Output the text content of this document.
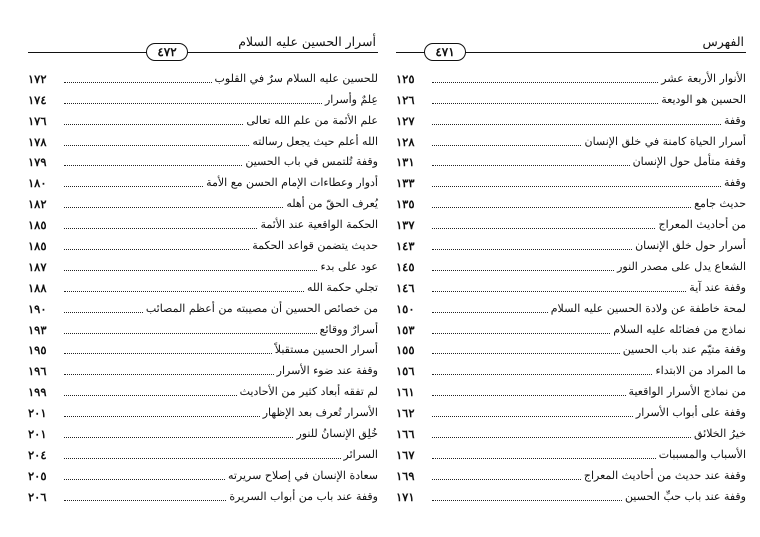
أسرار الحسين عليه السلام
٤٧٢
للحسين عليه السلام سرٌ في القلوب
١٧٢
عِلمٌ وأسرار
١٧٤
علم الأئمة من علم الله تعالى
١٧٦
الله أعلم حيث يجعل رسالته
١٧٨
وقفة تُلتمس في باب الحسين
١٧٩
أدوار وعطاءات الإمام الحسن مع الأمة
١٨٠
يُعرف الحقّ من أهله
١٨٢
الحكمة الواقعية عند الأئمة
١٨٥
حديث يتضمن قواعد الحكمة
١٨٥
عود على بدء
١٨٧
تجلي حكمة الله
١٨٨
من خصائص الحسين أن مصيبته من أعظم المصائب
١٩٠
أسرارٌ ووقائع
١٩٣
أسرار الحسين مستقبلاً
١٩٥
وقفة عند ضوء الأسرار
١٩٦
لم تفقه أبعاد كثير من الأحاديث
١٩٩
الأسرار تُعرف بعد الإظهار
٢٠١
خُلِق الإنسانُ للنور
٢٠١
السرائر
٢٠٤
سعادة الإنسان في إصلاح سريرته
٢٠٥
وقفة عند باب من أبواب السريرة
٢٠٦
الفهرس
٤٧١
الأنوار الأربعة عشر
١٢٥
الحسين هو الوديعة
١٢٦
وقفة
١٢٧
أسرار الحياة كامنة في خلق الإنسان
١٢٨
وقفة متأمل حول الإنسان
١٣١
وقفة
١٣٣
حديث جامع
١٣٥
من أحاديث المعراج
١٣٧
أسرار حول خلق الإنسان
١٤٣
الشعاع يدل على مصدر النور
١٤٥
وقفة عند آية
١٤٦
لمحة خاطفة عن ولادة الحسين عليه السلام
١٥٠
نماذج من فضائله عليه السلام
١٥٣
وقفة متيّم عند باب الحسين
١٥٥
ما المراد من الابتداء
١٥٦
من نماذج الأسرار الواقعية
١٦١
وقفة على أبواب الأسرار
١٦٢
خيرُ الخلائق
١٦٦
الأسباب والمسببات
١٦٧
وقفة عند حديث من أحاديث المعراج
١٦٩
وقفة عند باب حبِّ الحسين
١٧١
